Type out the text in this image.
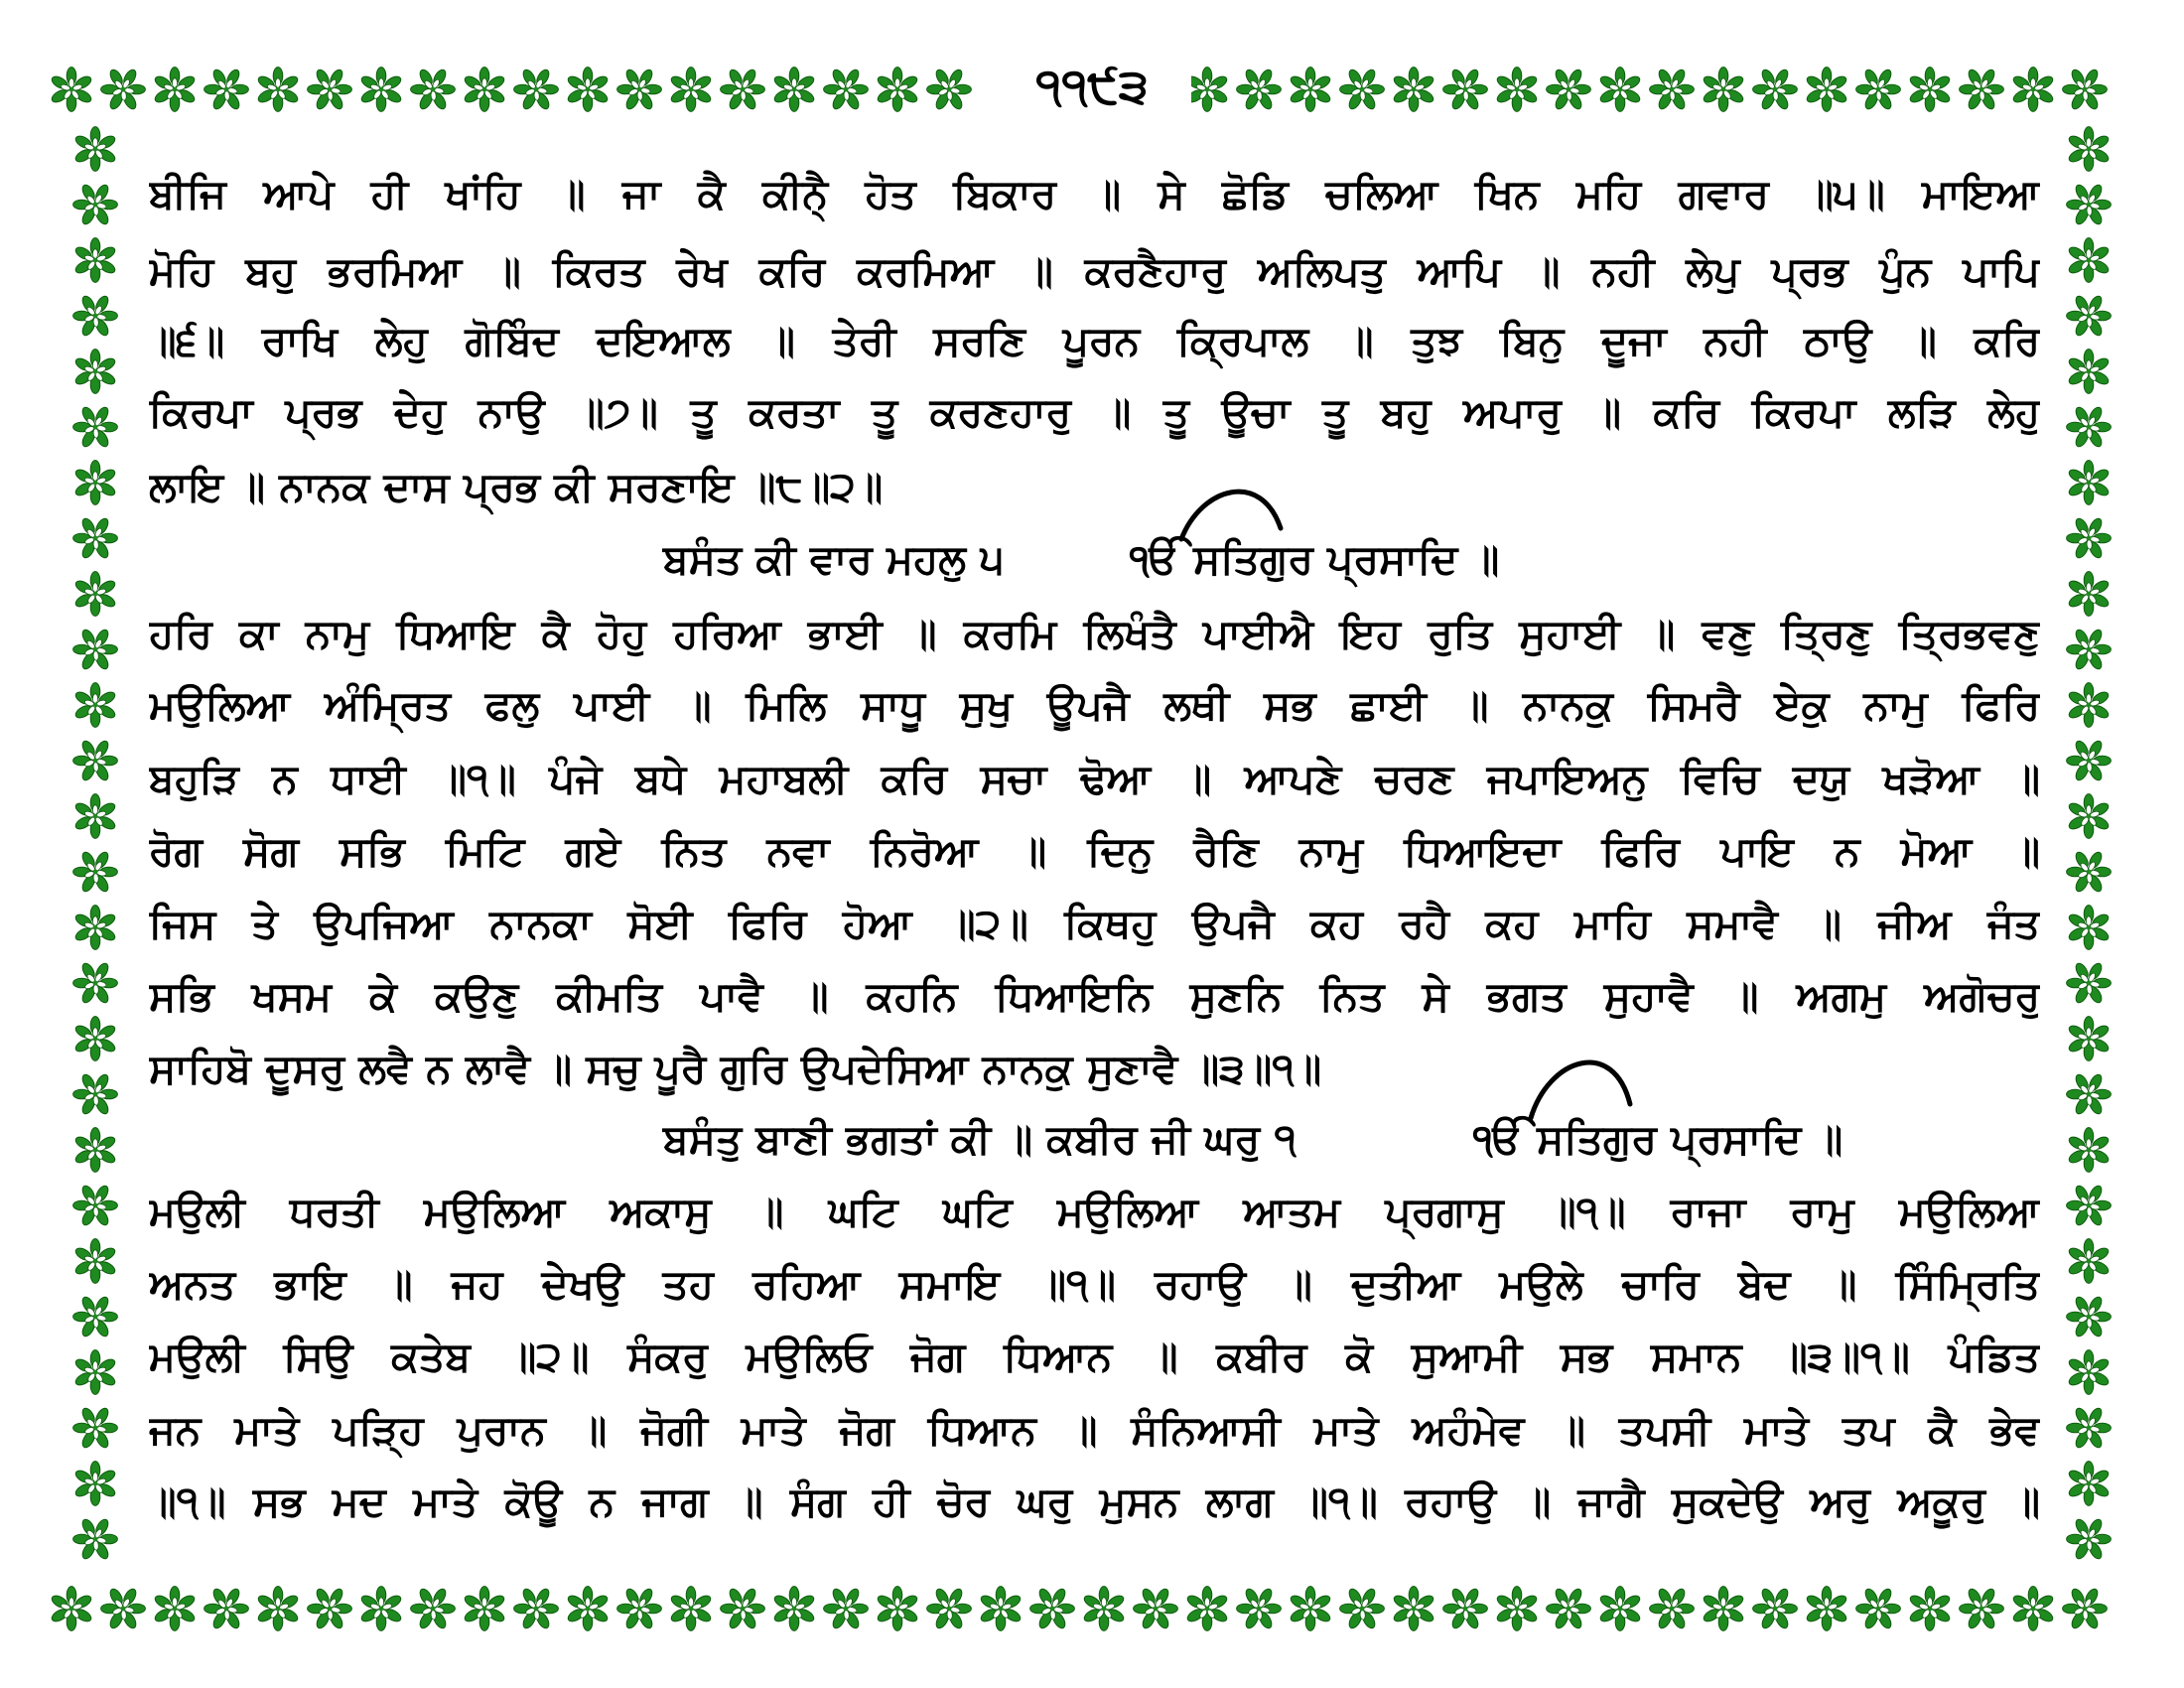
੧੧੯੩
ਬੀਜਿ ਆਪੇ ਹੀ ਖਾਂਹਿ ॥ ਜਾ ਕੈ ਕੀਨੈ੍ ਹੋਤ ਬਿਕਾਰ ॥ ਸੇ ਛੋਡਿ ਚਲਿਆ ਖਿਨ ਮਹਿ ਗਵਾਰ ॥੫॥ ਮਾਇਆ
ਮੋਹਿ ਬਹੁ ਭਰਮਿਆ ॥ ਕਿਰਤ ਰੇਖ ਕਰਿ ਕਰਮਿਆ ॥ ਕਰਣੈਹਾਰੁ ਅਲਿਪਤੁ ਆਪਿ ॥ ਨਹੀ ਲੇਪੁ ਪ੍ਰਭ ਪੁੰਨ ਪਾਪਿ
॥੬॥ ਰਾਖਿ ਲੇਹੁ ਗੋਬਿੰਦ ਦਇਆਲ ॥ ਤੇਰੀ ਸਰਣਿ ਪੂਰਨ ਕ੍ਰਿਪਾਲ ॥ ਤੁਝ ਬਿਨੁ ਦੂਜਾ ਨਹੀ ਠਾਉ ॥ ਕਰਿ
ਕਿਰਪਾ ਪ੍ਰਭ ਦੇਹੁ ਨਾਉ ॥੭॥ ਤੂ ਕਰਤਾ ਤੂ ਕਰਣਹਾਰੁ ॥ ਤੂ ਊਚਾ ਤੂ ਬਹੁ ਅਪਾਰੁ ॥ ਕਰਿ ਕਿਰਪਾ ਲੜਿ ਲੇਹੁ
ਲਾਇ ॥ ਨਾਨਕ ਦਾਸ ਪ੍ਰਭ ਕੀ ਸਰਣਾਇ ॥੮॥੨॥
ਬਸੰਤ ਕੀ ਵਾਰ ਮਹਲੁ ੫	ੴ ਸਤਿਗੁਰ ਪ੍ਰਸਾਦਿ ॥
ਹਰਿ ਕਾ ਨਾਮੁ ਧਿਆਇ ਕੈ ਹੋਹੁ ਹਰਿਆ ਭਾਈ ॥ ਕਰਮਿ ਲਿਖੰਤੈ ਪਾਈਐ ਇਹ ਰੁਤਿ ਸੁਹਾਈ ॥ ਵਣੁ ਤ੍ਰਿਣੁ ਤ੍ਰਿਭਵਣੁ
ਮਉਲਿਆ ਅੰਮ੍ਰਿਤ ਫਲੁ ਪਾਈ ॥ ਮਿਲਿ ਸਾਧੂ ਸੁਖੁ ਊਪਜੈ ਲਥੀ ਸਭ ਛਾਈ ॥ ਨਾਨਕੁ ਸਿਮਰੈ ਏਕੁ ਨਾਮੁ ਫਿਰਿ
ਬਹੁੜਿ ਨ ਧਾਈ ॥੧॥ ਪੰਜੇ ਬਧੇ ਮਹਾਬਲੀ ਕਰਿ ਸਚਾ ਢੋਆ ॥ ਆਪਣੇ ਚਰਣ ਜਪਾਇਅਨੁ ਵਿਚਿ ਦਯੁ ਖੜੋਆ ॥
ਰੋਗ ਸੋਗ ਸਭਿ ਮਿਟਿ ਗਏ ਨਿਤ ਨਵਾ ਨਿਰੋਆ ॥ ਦਿਨੁ ਰੈਣਿ ਨਾਮੁ ਧਿਆਇਦਾ ਫਿਰਿ ਪਾਇ ਨ ਮੋਆ ॥
ਜਿਸ ਤੇ ਉਪਜਿਆ ਨਾਨਕਾ ਸੋਈ ਫਿਰਿ ਹੋਆ ॥੨॥ ਕਿਥਹੁ ਉਪਜੈ ਕਹ ਰਹੈ ਕਹ ਮਾਹਿ ਸਮਾਵੈ ॥ ਜੀਅ ਜੰਤ
ਸਭਿ ਖਸਮ ਕੇ ਕਉਣੁ ਕੀਮਤਿ ਪਾਵੈ ॥ ਕਹਨਿ ਧਿਆਇਨਿ ਸੁਣਨਿ ਨਿਤ ਸੇ ਭਗਤ ਸੁਹਾਵੈ ॥ ਅਗਮੁ ਅਗੋਚਰੁ
ਸਾਹਿਬੋ ਦੂਸਰੁ ਲਵੈ ਨ ਲਾਵੈ ॥ ਸਚੁ ਪੂਰੈ ਗੁਰਿ ਉਪਦੇਸਿਆ ਨਾਨਕੁ ਸੁਣਾਵੈ ॥੩॥੧॥
ਬਸੰਤੁ ਬਾਣੀ ਭਗਤਾਂ ਕੀ ॥ ਕਬੀਰ ਜੀ ਘਰੁ ੧	ੴ ਸਤਿਗੁਰ ਪ੍ਰਸਾਦਿ ॥
ਮਉਲੀ ਧਰਤੀ ਮਉਲਿਆ ਅਕਾਸੁ ॥ ਘਟਿ ਘਟਿ ਮਉਲਿਆ ਆਤਮ ਪ੍ਰਗਾਸੁ ॥੧॥ ਰਾਜਾ ਰਾਮੁ ਮਉਲਿਆ
ਅਨਤ ਭਾਇ ॥ ਜਹ ਦੇਖਉ ਤਹ ਰਹਿਆ ਸਮਾਇ ॥੧॥ ਰਹਾਉ ॥ ਦੁਤੀਆ ਮਉਲੇ ਚਾਰਿ ਬੇਦ ॥ ਸਿੰਮ੍ਰਿਤਿ
ਮਉਲੀ ਸਿਉ ਕਤੇਬ ॥੨॥ ਸੰਕਰੁ ਮਉਲਿਓ ਜੋਗ ਧਿਆਨ ॥ ਕਬੀਰ ਕੋ ਸੁਆਮੀ ਸਭ ਸਮਾਨ ॥੩॥੧॥ ਪੰਡਿਤ
ਜਨ ਮਾਤੇ ਪੜ੍ਹਿ ਪੁਰਾਨ ॥ ਜੋਗੀ ਮਾਤੇ ਜੋਗ ਧਿਆਨ ॥ ਸੰਨਿਆਸੀ ਮਾਤੇ ਅਹੰਮੇਵ ॥ ਤਪਸੀ ਮਾਤੇ ਤਪ ਕੈ ਭੇਵ
॥੧॥ ਸਭ ਮਦ ਮਾਤੇ ਕੋਊ ਨ ਜਾਗ ॥ ਸੰਗ ਹੀ ਚੋਰ ਘਰੁ ਮੁਸਨ ਲਾਗ ॥੧॥ ਰਹਾਉ ॥ ਜਾਗੈ ਸੁਕਦੇਉ ਅਰੁ ਅਕੂਰੁ ॥
